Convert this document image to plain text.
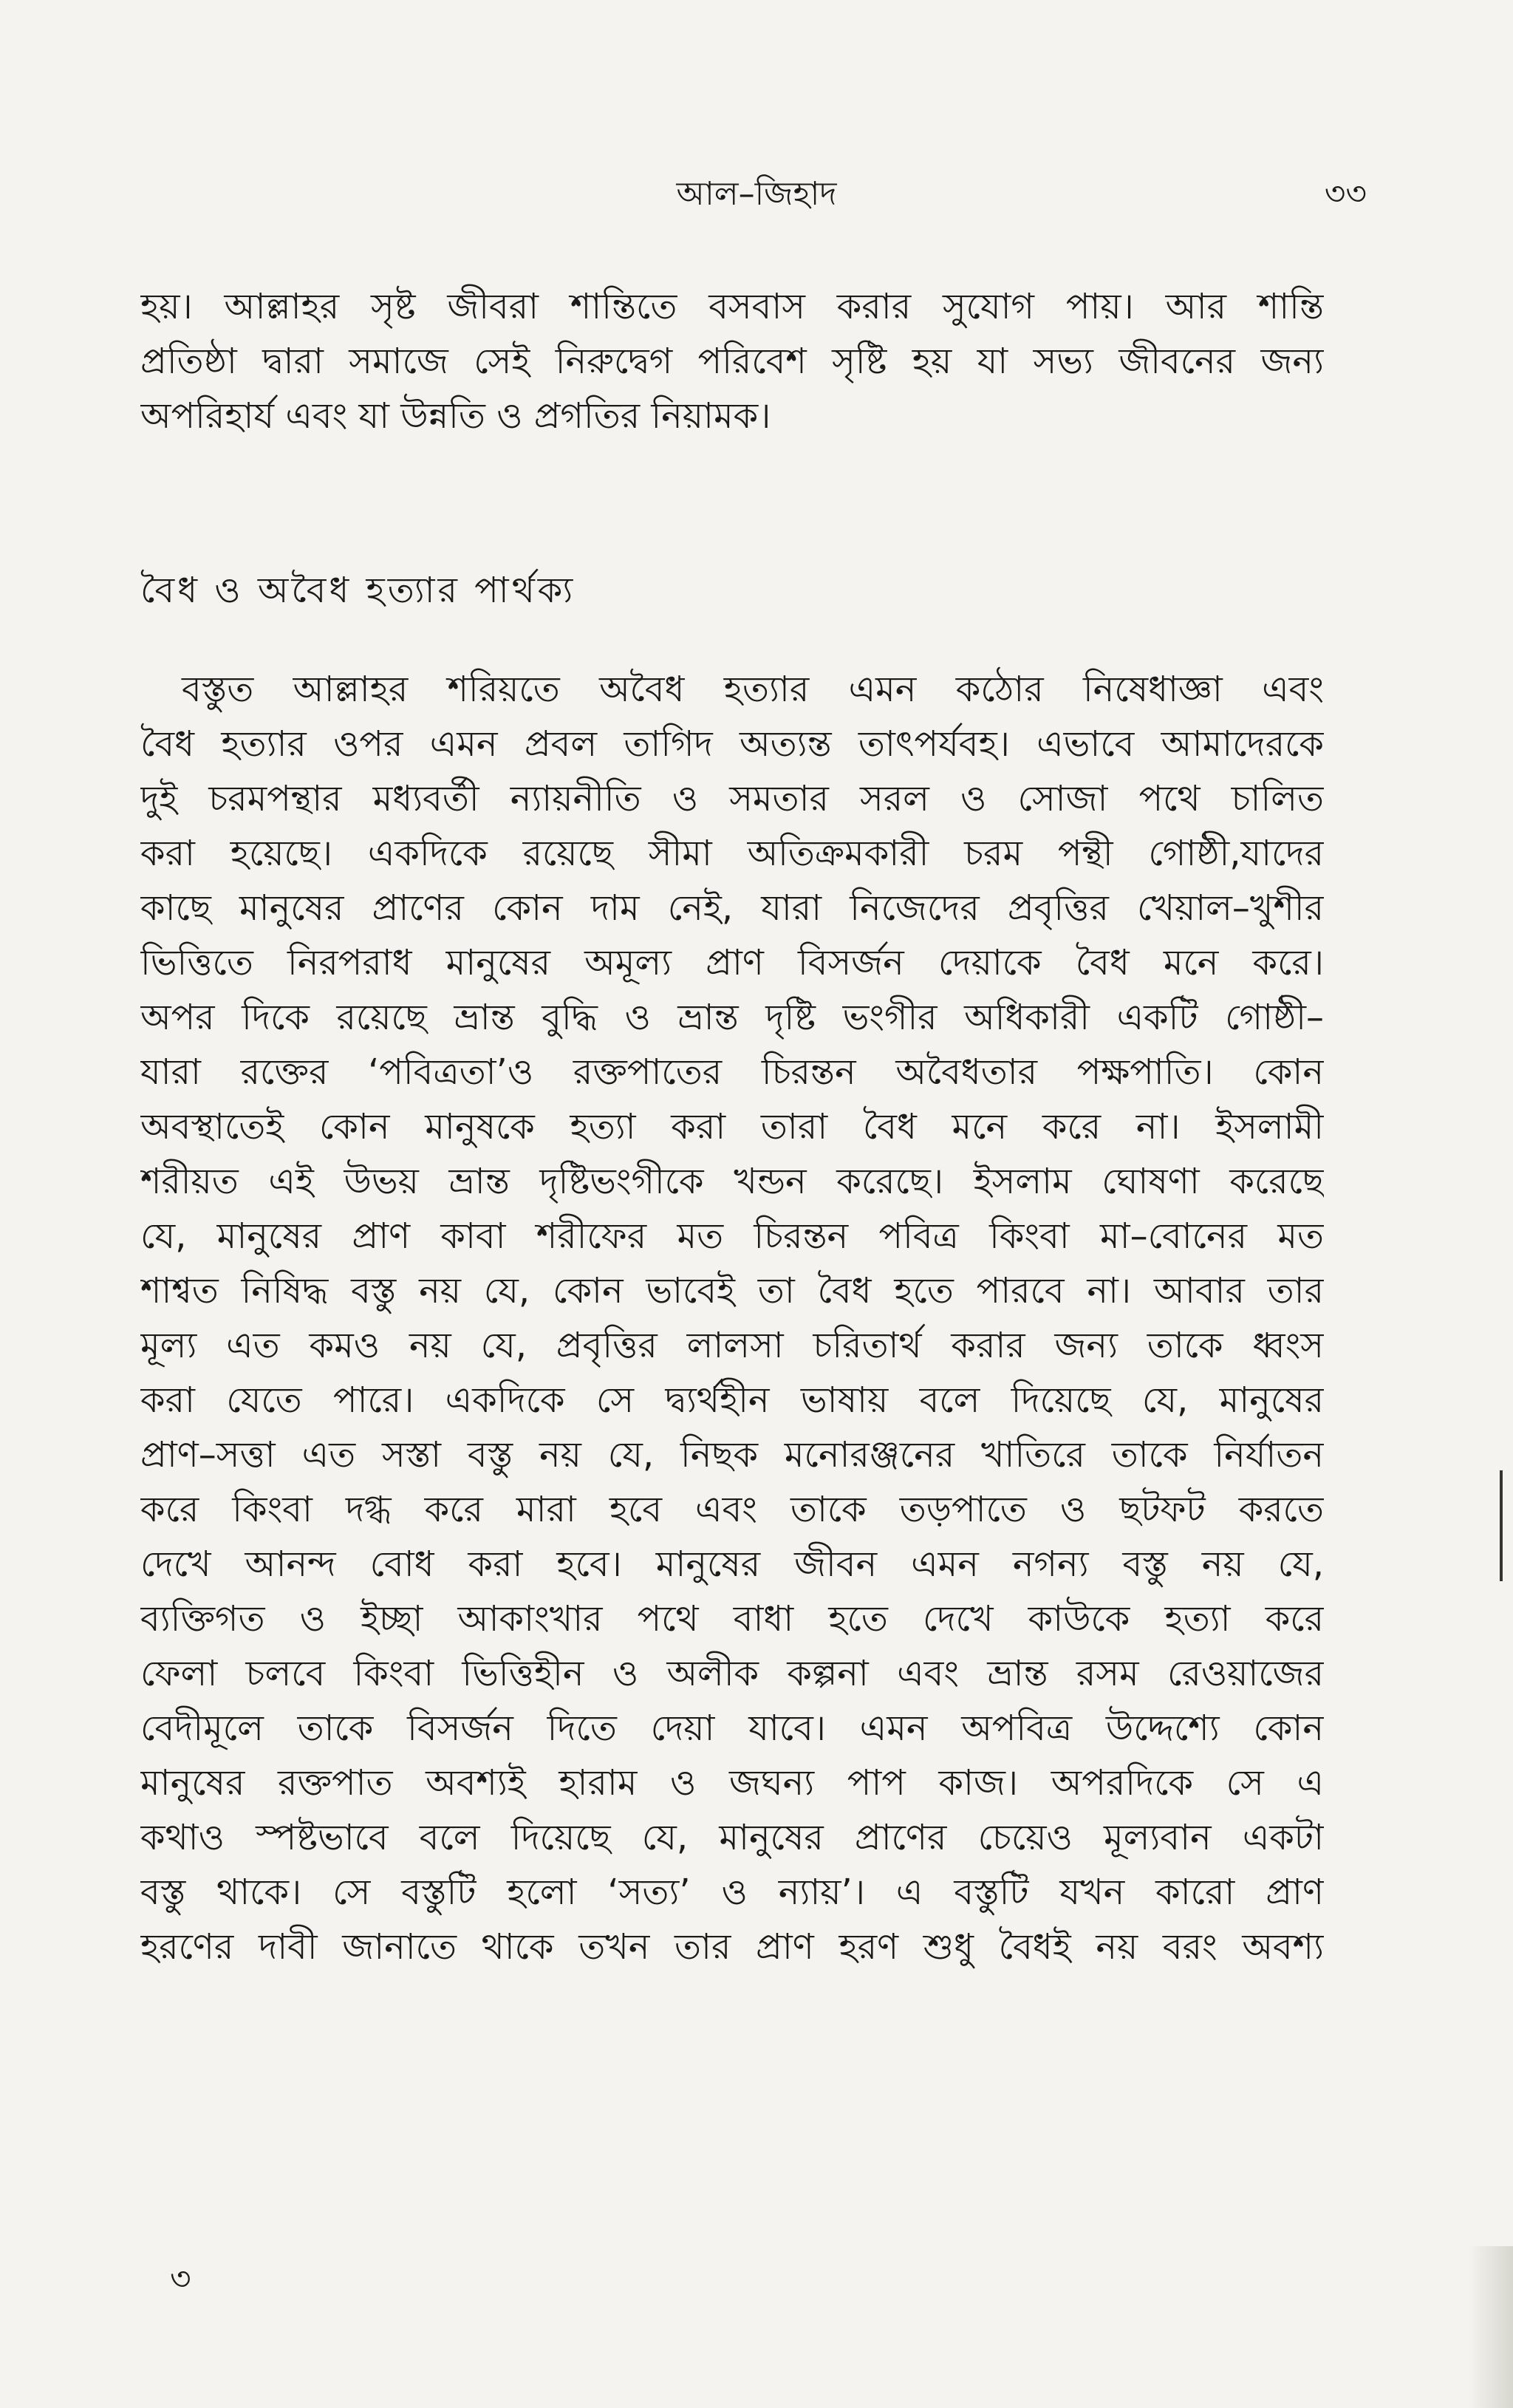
আল–জিহাদ	৩৩
হয়। আল্লাহর সৃষ্ট জীবরা শান্তিতে বসবাস করার সুযোগ পায়। আর শান্তি
প্রতিষ্ঠা দ্বারা সমাজে সেই নিরুদ্বেগ পরিবেশ সৃষ্টি হয় যা সভ্য জীবনের জন্য
অপরিহার্য এবং যা উন্নতি ও প্রগতির নিয়ামক।
বৈধ ও অবৈধ হত্যার পার্থক্য
বস্তুত আল্লাহর শরিয়তে অবৈধ হত্যার এমন কঠোর নিষেধাজ্ঞা এবং
বৈধ হত্যার ওপর এমন প্রবল তাগিদ অত্যন্ত তাৎপর্যবহ। এভাবে আমাদেরকে
দুই চরমপন্থার মধ্যবর্তী ন্যায়নীতি ও সমতার সরল ও সোজা পথে চালিত
করা হয়েছে। একদিকে রয়েছে সীমা অতিক্রমকারী চরম পন্থী গোষ্ঠী,যাদের
কাছে মানুষের প্রাণের কোন দাম নেই, যারা নিজেদের প্রবৃত্তির খেয়াল–খুশীর
ভিত্তিতে নিরপরাধ মানুষের অমূল্য প্রাণ বিসর্জন দেয়াকে বৈধ মনে করে।
অপর দিকে রয়েছে ভ্রান্ত বুদ্ধি ও ভ্রান্ত দৃষ্টি ভংগীর অধিকারী একটি গোষ্ঠী–
যারা রক্তের ‘পবিত্রতা’ও রক্তপাতের চিরন্তন অবৈধতার পক্ষপাতি। কোন
অবস্থাতেই কোন মানুষকে হত্যা করা তারা বৈধ মনে করে না। ইসলামী
শরীয়ত এই উভয় ভ্রান্ত দৃষ্টিভংগীকে খন্ডন করেছে। ইসলাম ঘোষণা করেছে
যে, মানুষের প্রাণ কাবা শরীফের মত চিরন্তন পবিত্র কিংবা মা–বোনের মত
শাশ্বত নিষিদ্ধ বস্তু নয় যে, কোন ভাবেই তা বৈধ হতে পারবে না। আবার তার
মূল্য এত কমও নয় যে, প্রবৃত্তির লালসা চরিতার্থ করার জন্য তাকে ধ্বংস
করা যেতে পারে। একদিকে সে দ্ব্যর্থহীন ভাষায় বলে দিয়েছে যে, মানুষের
প্রাণ–সত্তা এত সস্তা বস্তু নয় যে, নিছক মনোরঞ্জনের খাতিরে তাকে নির্যাতন
করে কিংবা দগ্ধ করে মারা হবে এবং তাকে তড়পাতে ও ছটফট করতে
দেখে আনন্দ বোধ করা হবে। মানুষের জীবন এমন নগন্য বস্তু নয় যে,
ব্যক্তিগত ও ইচ্ছা আকাংখার পথে বাধা হতে দেখে কাউকে হত্যা করে
ফেলা চলবে কিংবা ভিত্তিহীন ও অলীক কল্পনা এবং ভ্রান্ত রসম রেওয়াজের
বেদীমূলে তাকে বিসর্জন দিতে দেয়া যাবে। এমন অপবিত্র উদ্দেশ্যে কোন
মানুষের রক্তপাত অবশ্যই হারাম ও জঘন্য পাপ কাজ। অপরদিকে সে এ
কথাও স্পষ্টভাবে বলে দিয়েছে যে, মানুষের প্রাণের চেয়েও মূল্যবান একটা
বস্তু থাকে। সে বস্তুটি হলো ‘সত্য’ ও ন্যায়’। এ বস্তুটি যখন কারো প্রাণ
হরণের দাবী জানাতে থাকে তখন তার প্রাণ হরণ শুধু বৈধই নয় বরং অবশ্য
৩
